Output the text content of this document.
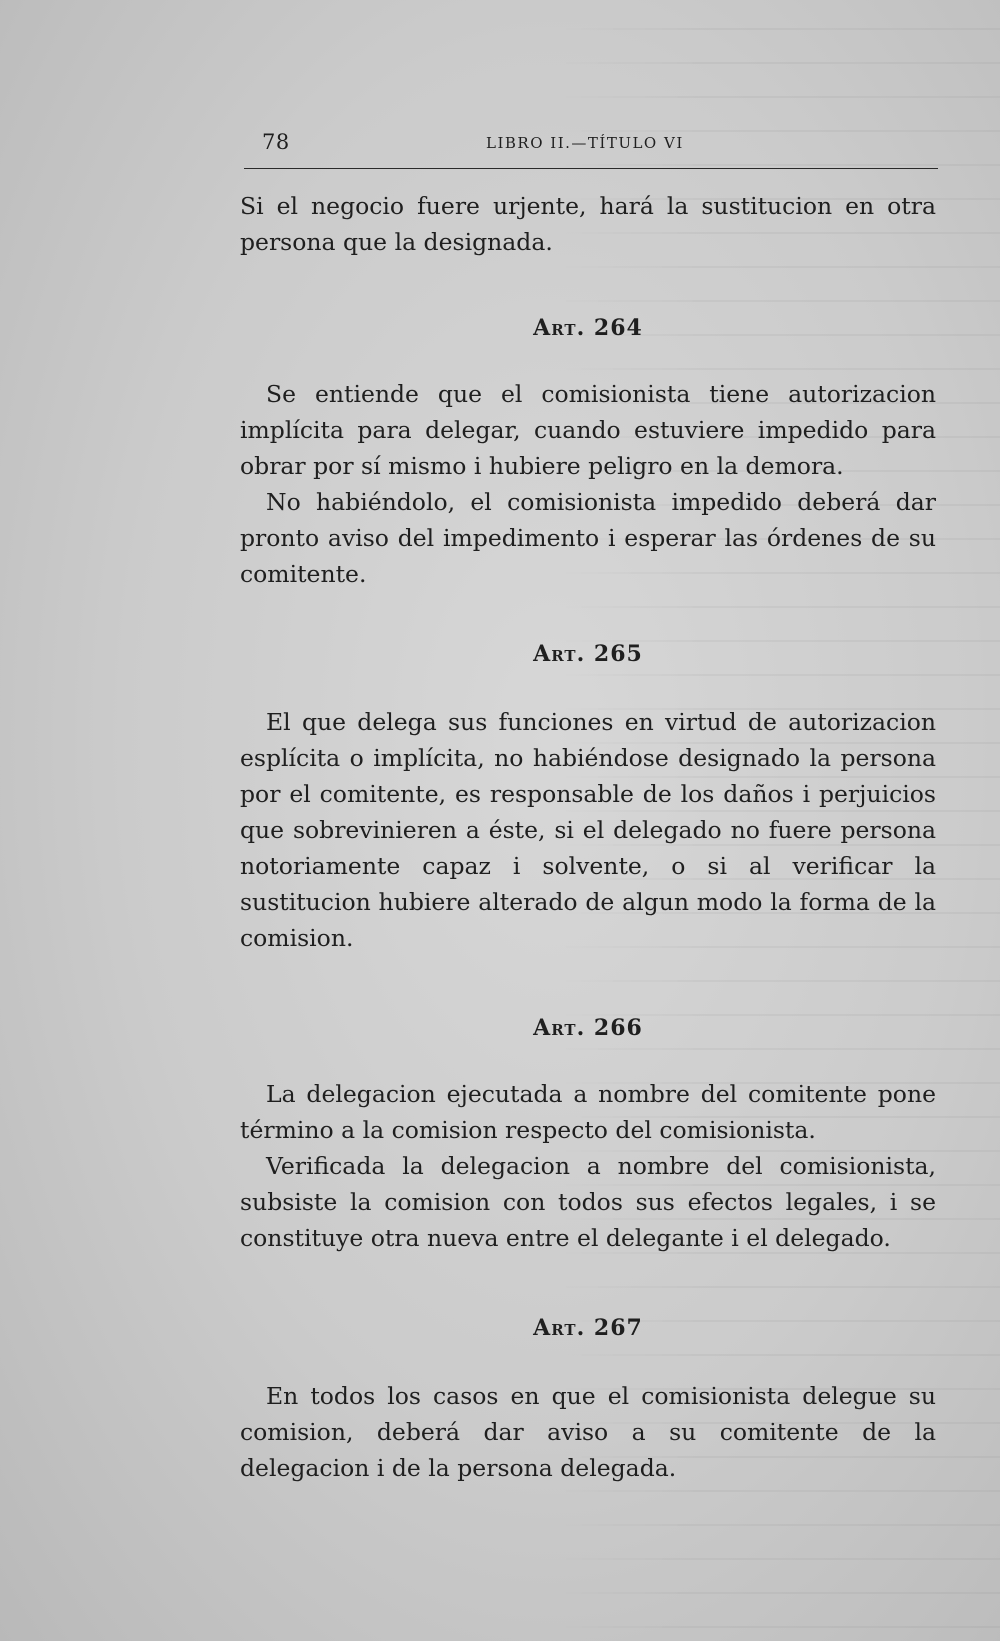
78	LIBRO II.—TÍTULO VI

Si el negocio fuere urjente, hará la sustitucion en otra persona que la designada.

Art. 264

Se entiende que el comisionista tiene autorizacion implícita para delegar, cuando estuviere impedido para obrar por sí mismo i hubiere peligro en la demora.

No habiéndolo, el comisionista impedido deberá dar pronto aviso del impedimento i esperar las órdenes de su comitente.

Art. 265

El que delega sus funciones en virtud de autorizacion esplícita o implícita, no habiéndose designado la persona por el comitente, es responsable de los daños i perjuicios que sobrevinieren a éste, si el delegado no fuere persona notoriamente capaz i solvente, o si al verificar la sustitucion hubiere alterado de algun modo la forma de la comision.

Art. 266

La delegacion ejecutada a nombre del comitente pone término a la comision respecto del comisionista.

Verificada la delegacion a nombre del comisionista, subsiste la comision con todos sus efectos legales, i se constituye otra nueva entre el delegante i el delegado.

Art. 267

En todos los casos en que el comisionista delegue su comision, deberá dar aviso a su comitente de la delegacion i de la persona delegada.
